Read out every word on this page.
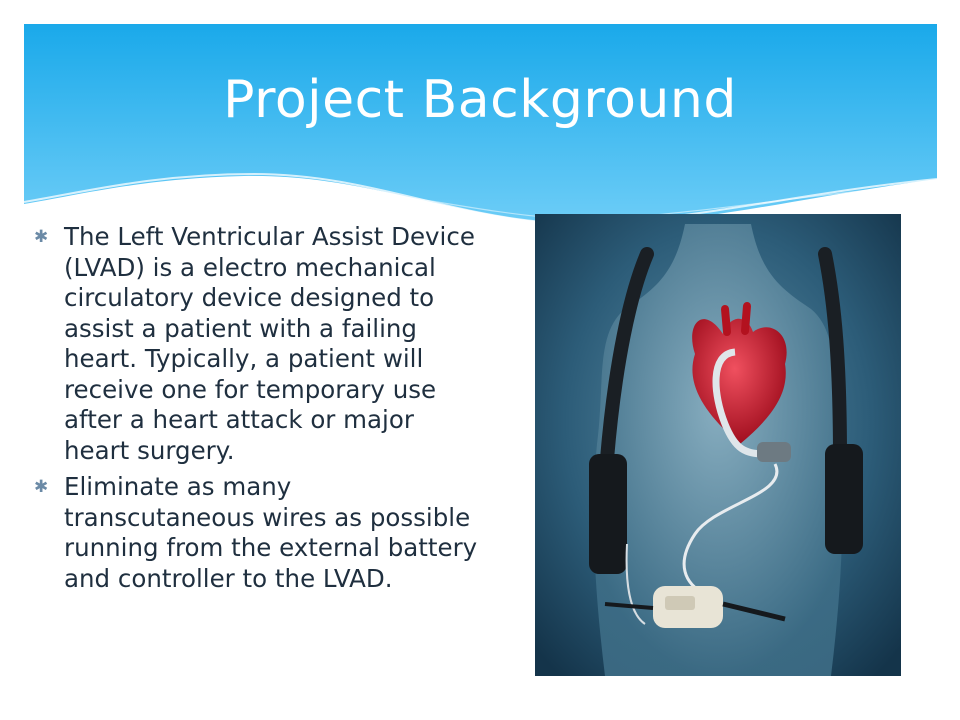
Project Background
✱ The Left Ventricular Assist Device (LVAD) is a electro mechanical circulatory device designed to assist a patient with a failing heart. Typically, a patient will receive one for temporary use after a heart attack or major heart surgery.
✱ Eliminate as many transcutaneous wires as possible running from the external battery and controller to the LVAD.
